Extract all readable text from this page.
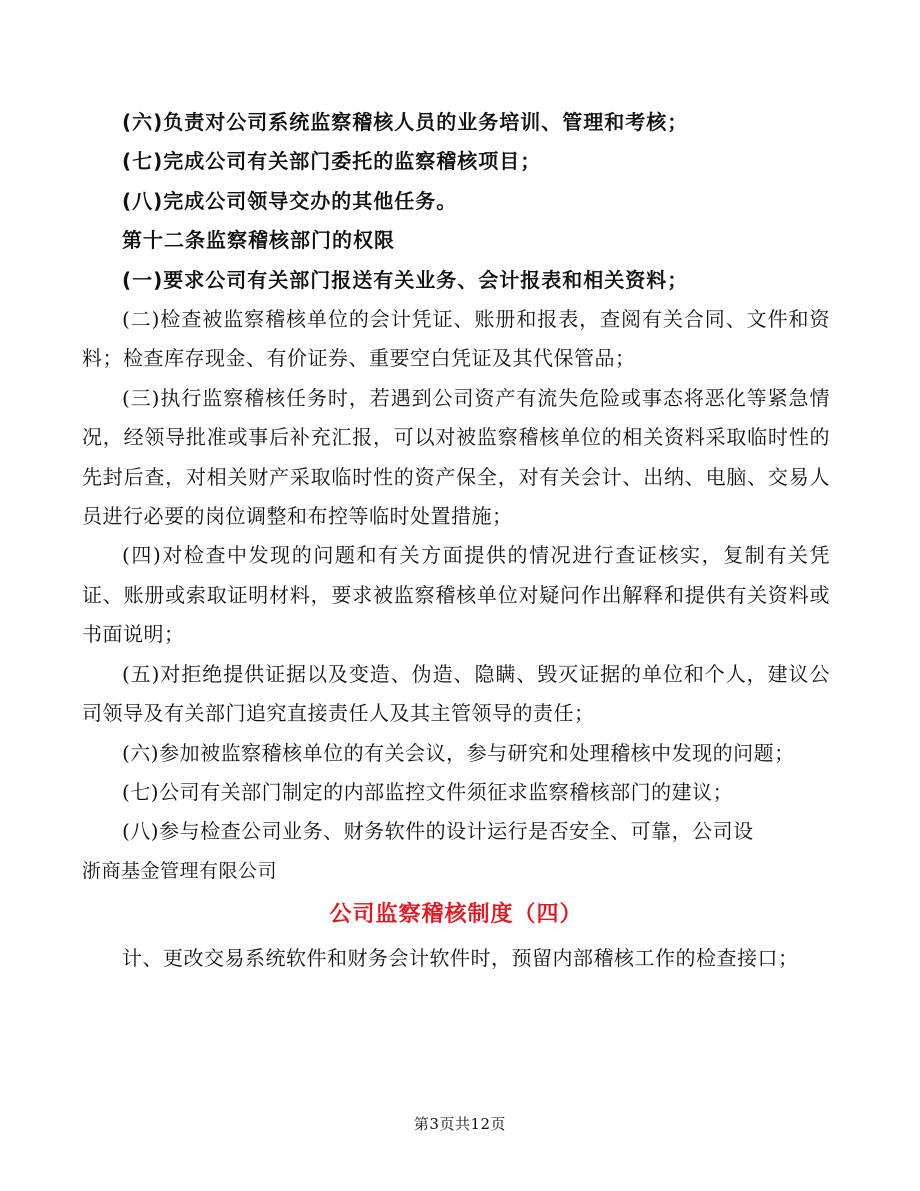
(六)负责对公司系统监察稽核人员的业务培训、管理和考核；

(七)完成公司有关部门委托的监察稽核项目；

(八)完成公司领导交办的其他任务。

第十二条监察稽核部门的权限

(一)要求公司有关部门报送有关业务、会计报表和相关资料；

(二)检查被监察稽核单位的会计凭证、账册和报表，查阅有关合同、文件和资料；检查库存现金、有价证券、重要空白凭证及其代保管品；

(三)执行监察稽核任务时，若遇到公司资产有流失危险或事态将恶化等紧急情况，经领导批准或事后补充汇报，可以对被监察稽核单位的相关资料采取临时性的先封后查，对相关财产采取临时性的资产保全，对有关会计、出纳、电脑、交易人员进行必要的岗位调整和布控等临时处置措施；

(四)对检查中发现的问题和有关方面提供的情况进行查证核实，复制有关凭证、账册或索取证明材料，要求被监察稽核单位对疑问作出解释和提供有关资料或书面说明；

(五)对拒绝提供证据以及变造、伪造、隐瞒、毁灭证据的单位和个人，建议公司领导及有关部门追究直接责任人及其主管领导的责任；

(六)参加被监察稽核单位的有关会议，参与研究和处理稽核中发现的问题；

(七)公司有关部门制定的内部监控文件须征求监察稽核部门的建议；

(八)参与检查公司业务、财务软件的设计运行是否安全、可靠，公司设

浙商基金管理有限公司

公司监察稽核制度（四）

计、更改交易系统软件和财务会计软件时，预留内部稽核工作的检查接口；

第3页共12页
